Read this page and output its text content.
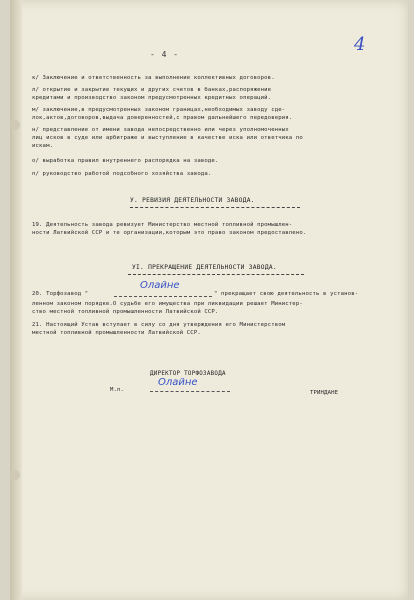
- 4 -	4
к/ Заключение и ответственность за выполнение коллективных договоров.
л/ открытие и закрытие текущих и других счетов в банках,распоряжение
кредитами и производство законом предусмотренных кредитных операций.
м/ заключение,в предусмотренных законом границах,необходимых заводу сде-
лок,актов,договоров,выдача доверенностей,с правом дальнейшего передоверия.
н/ представление от имени завода непосредственно или через уполномоченных
лиц исков в суде или арбитраже и выступление в качестве иска или ответчика по
искам.
о/ выработка правил внутреннего распорядка на заводе.
п/ руководство работой подсобного хозяйства завода.
У. РЕВИЗИЯ ДЕЯТЕЛЬНОСТИ ЗАВОДА.
19. Деятельность завода ревизует Министерство местной топливной промышлен-
ности Латвийской ССР и те организации,которым это право законом предоставлено.
УI. ПРЕКРАЩЕНИЕ ДЕЯТЕЛЬНОСТИ ЗАВОДА.
20. Торфозавод "
Олайне
" прекращает свою деятельность в установ-
ленном законом порядке.О судьбе его имущества при ликвидации решает Министер-
ство местной топливной промышленности Латвийской ССР.
21. Настоящий Устав вступает в силу со дня утверждения его Министерством
местной топливной промышленности Латвийской ССР.
ДИРЕКТОР ТОРФОЗАВОДА
М.п.
Олайне
ТРИНДАНЕ
